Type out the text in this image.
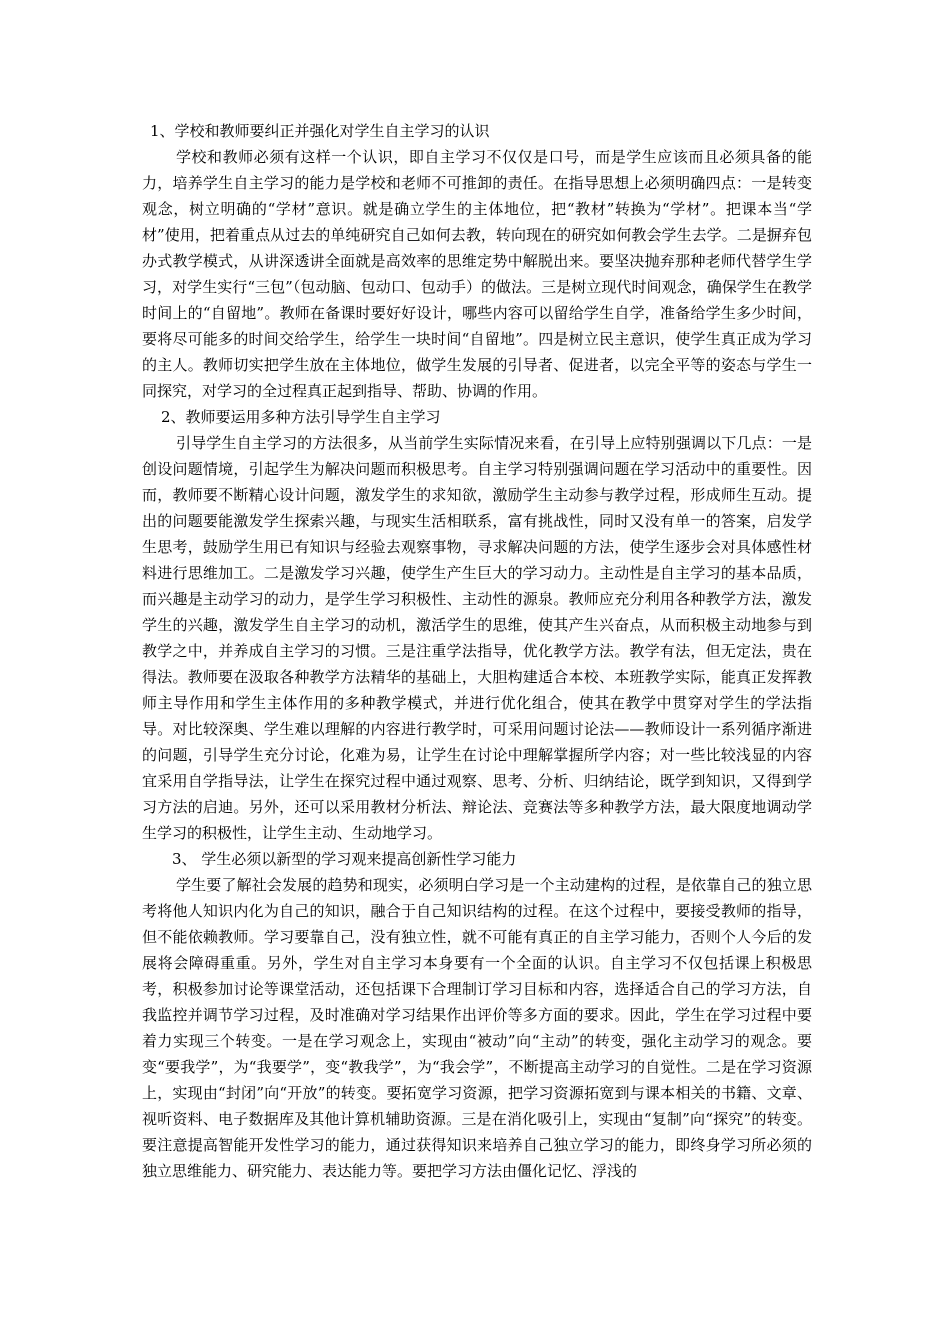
1、学校和教师要纠正并强化对学生自主学习的认识

学校和教师必须有这样一个认识，即自主学习不仅仅是口号，而是学生应该而且必须具备的能力，培养学生自主学习的能力是学校和老师不可推卸的责任。在指导思想上必须明确四点：一是转变观念，树立明确的“学材”意识。就是确立学生的主体地位，把“教材”转换为“学材”。把课本当“学材”使用，把着重点从过去的单纯研究自己如何去教，转向现在的研究如何教会学生去学。二是摒弃包办式教学模式，从讲深透讲全面就是高效率的思维定势中解脱出来。要坚决抛弃那种老师代替学生学习，对学生实行“三包”（包动脑、包动口、包动手）的做法。三是树立现代时间观念，确保学生在教学时间上的“自留地”。教师在备课时要好好设计，哪些内容可以留给学生自学，准备给学生多少时间，要将尽可能多的时间交给学生，给学生一块时间“自留地”。四是树立民主意识，使学生真正成为学习的主人。教师切实把学生放在主体地位，做学生发展的引导者、促进者，以完全平等的姿态与学生一同探究，对学习的全过程真正起到指导、帮助、协调的作用。

2、教师要运用多种方法引导学生自主学习

引导学生自主学习的方法很多，从当前学生实际情况来看，在引导上应特别强调以下几点：一是创设问题情境，引起学生为解决问题而积极思考。自主学习特别强调问题在学习活动中的重要性。因而，教师要不断精心设计问题，激发学生的求知欲，激励学生主动参与教学过程，形成师生互动。提出的问题要能激发学生探索兴趣，与现实生活相联系，富有挑战性，同时又没有单一的答案，启发学生思考，鼓励学生用已有知识与经验去观察事物，寻求解决问题的方法，使学生逐步会对具体感性材料进行思维加工。二是激发学习兴趣，使学生产生巨大的学习动力。主动性是自主学习的基本品质，而兴趣是主动学习的动力，是学生学习积极性、主动性的源泉。教师应充分利用各种教学方法，激发学生的兴趣，激发学生自主学习的动机，激活学生的思维，使其产生兴奋点，从而积极主动地参与到教学之中，并养成自主学习的习惯。三是注重学法指导，优化教学方法。教学有法，但无定法，贵在得法。教师要在汲取各种教学方法精华的基础上，大胆构建适合本校、本班教学实际，能真正发挥教师主导作用和学生主体作用的多种教学模式，并进行优化组合，使其在教学中贯穿对学生的学法指导。对比较深奥、学生难以理解的内容进行教学时，可采用问题讨论法——教师设计一系列循序渐进的问题，引导学生充分讨论，化难为易，让学生在讨论中理解掌握所学内容；对一些比较浅显的内容宜采用自学指导法，让学生在探究过程中通过观察、思考、分析、归纳结论，既学到知识，又得到学习方法的启迪。另外，还可以采用教材分析法、辩论法、竞赛法等多种教学方法，最大限度地调动学生学习的积极性，让学生主动、生动地学习。

3、 学生必须以新型的学习观来提高创新性学习能力

学生要了解社会发展的趋势和现实，必须明白学习是一个主动建构的过程，是依靠自己的独立思考将他人知识内化为自己的知识，融合于自己知识结构的过程。在这个过程中，要接受教师的指导，但不能依赖教师。学习要靠自己，没有独立性，就不可能有真正的自主学习能力，否则个人今后的发展将会障碍重重。另外，学生对自主学习本身要有一个全面的认识。自主学习不仅包括课上积极思考，积极参加讨论等课堂活动，还包括课下合理制订学习目标和内容，选择适合自己的学习方法，自我监控并调节学习过程，及时准确对学习结果作出评价等多方面的要求。因此，学生在学习过程中要着力实现三个转变。一是在学习观念上，实现由“被动”向“主动”的转变，强化主动学习的观念。要变“要我学”，为“我要学”，变“教我学”，为“我会学”，不断提高主动学习的自觉性。二是在学习资源上，实现由“封闭”向“开放”的转变。要拓宽学习资源，把学习资源拓宽到与课本相关的书籍、文章、视听资料、电子数据库及其他计算机辅助资源。三是在消化吸引上，实现由“复制”向“探究”的转变。要注意提高智能开发性学习的能力，通过获得知识来培养自己独立学习的能力，即终身学习所必须的独立思维能力、研究能力、表达能力等。要把学习方法由僵化记忆、浮浅的
